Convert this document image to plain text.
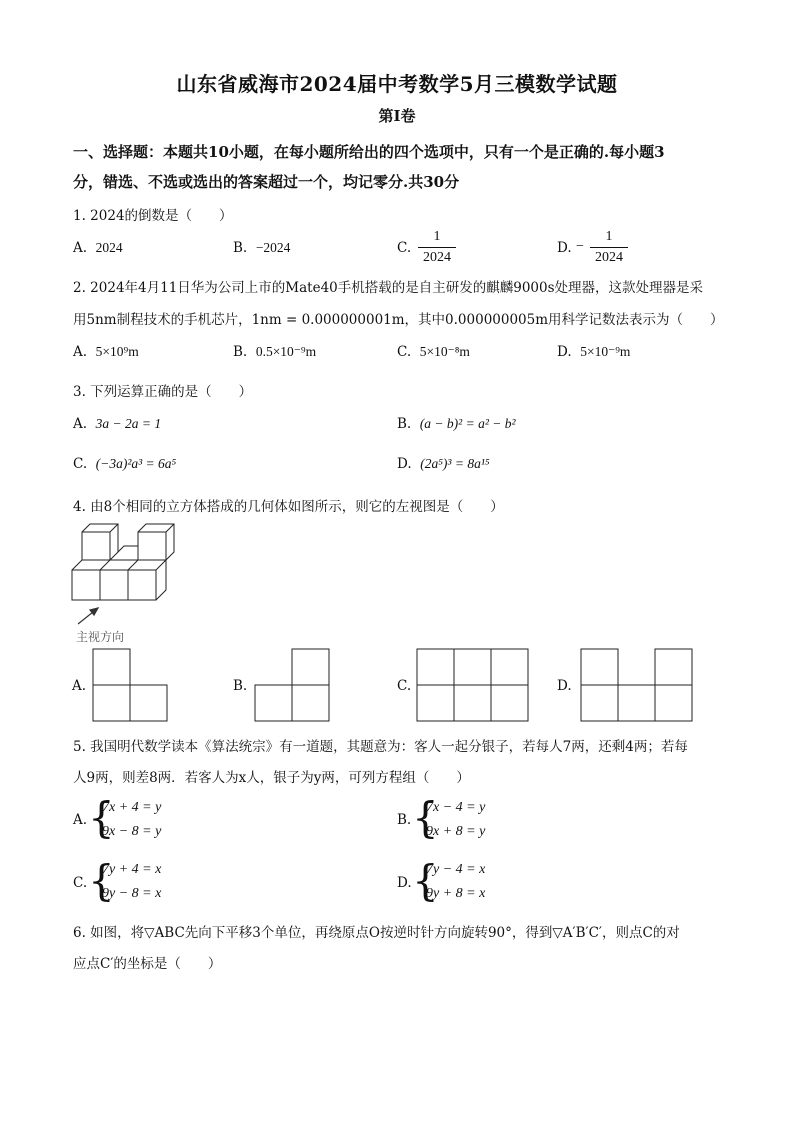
山东省威海市2024届中考数学5月三模数学试题
第I卷
一、选择题：本题共10小题，在每小题所给出的四个选项中，只有一个是正确的.每小题3
分，错选、不选或选出的答案超过一个，均记零分.共30分
1. 2024的倒数是（　　）
A. 2024	B. −2024	C.
1
2024
D. −
1
2024
2. 2024年4月11日华为公司上市的Mate40手机搭载的是自主研发的麒麟9000s处理器，这款处理器是采
用5nm制程技术的手机芯片，1nm = 0.000000001m，其中0.000000005m用科学记数法表示为（　　）
A. 5×10⁹m	B. 0.5×10⁻⁹m	C. 5×10⁻⁸m	D. 5×10⁻⁹m
3. 下列运算正确的是（　　）
A. 3a − 2a = 1	B. (a − b)² = a² − b²
C. (−3a)²a³ = 6a⁵	D. (2a⁵)³ = 8a¹⁵
4. 由8个相同的立方体搭成的几何体如图所示，则它的左视图是（　　）
主视方向
A.	B.	C.	D.
5. 我国明代数学读本《算法统宗》有一道题，其题意为：客人一起分银子，若每人7两，还剩4两；若每
人9两，则差8两．若客人为x人，银子为y两，可列方程组（　　）
A. {
7x + 4 = y
9x − 8 = y
B. {
7x − 4 = y
9x + 8 = y
C. {
7y + 4 = x
9y − 8 = x
D. {
7y − 4 = x
9y + 8 = x
6. 如图，将▽ABC先向下平移3个单位，再绕原点O按逆时针方向旋转90°，得到▽A′B′C′，则点C的对
应点C′的坐标是（　　）
